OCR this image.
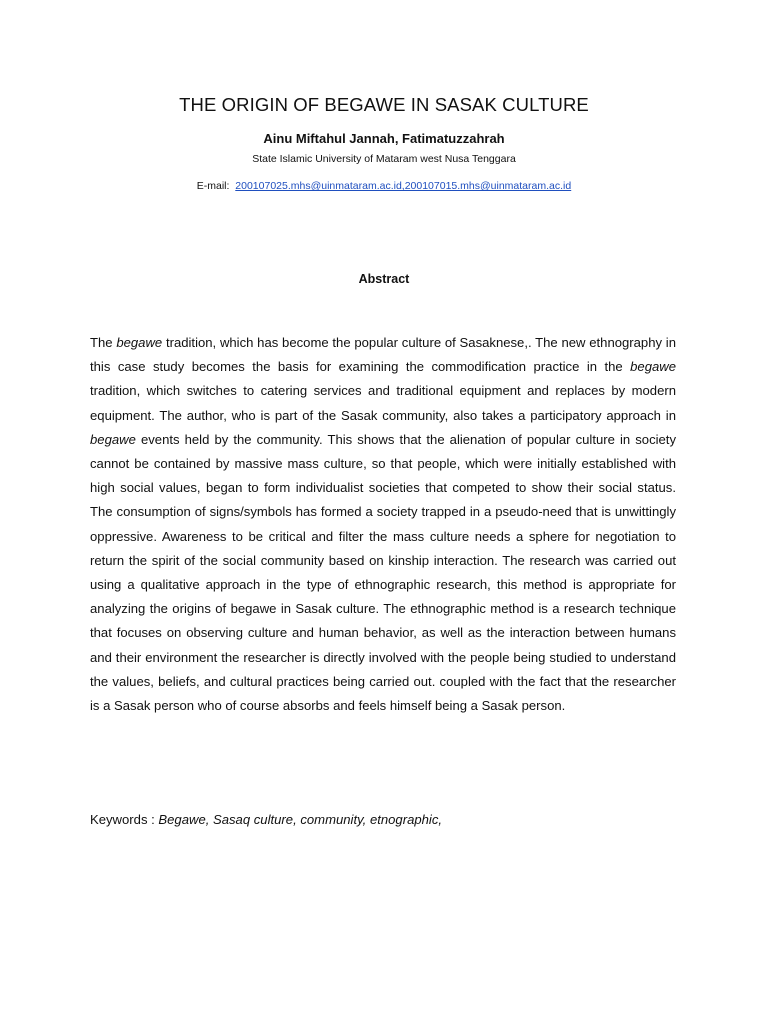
THE ORIGIN OF BEGAWE IN SASAK CULTURE
Ainu Miftahul Jannah, Fatimatuzzahrah
State Islamic University of Mataram west Nusa Tenggara
E-mail: 200107025.mhs@uinmataram.ac.id,200107015.mhs@uinmataram.ac.id
Abstract

The begawe tradition, which has become the popular culture of Sasaknese,. The new ethnography in this case study becomes the basis for examining the commodification practice in the begawe tradition, which switches to catering services and traditional equipment and replaces by modern equipment. The author, who is part of the Sasak community, also takes a participatory approach in begawe events held by the community. This shows that the alienation of popular culture in society cannot be contained by massive mass culture, so that people, which were initially established with high social values, began to form individualist societies that competed to show their social status. The consumption of signs/symbols has formed a society trapped in a pseudo-need that is unwittingly oppressive. Awareness to be critical and filter the mass culture needs a sphere for negotiation to return the spirit of the social community based on kinship interaction. The research was carried out using a qualitative approach in the type of ethnographic research, this method is appropriate for analyzing the origins of begawe in Sasak culture. The ethnographic method is a research technique that focuses on observing culture and human behavior, as well as the interaction between humans and their environment the researcher is directly involved with the people being studied to understand the values, beliefs, and cultural practices being carried out. coupled with the fact that the researcher is a Sasak person who of course absorbs and feels himself being a Sasak person.

Keywords : Begawe, Sasaq culture, community, etnographic,
